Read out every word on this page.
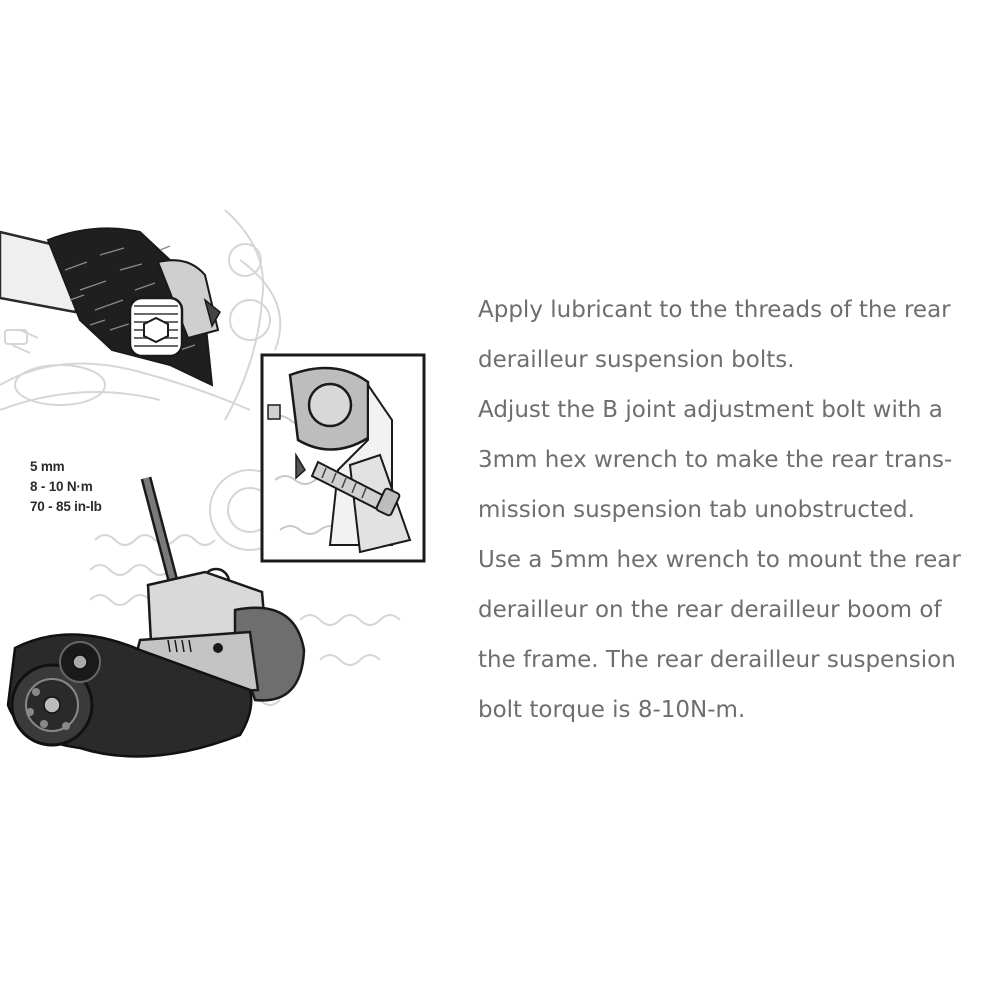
5 mm
8 - 10 N·m
70 - 85 in-lb
Apply lubricant to the threads of the rear
derailleur suspension bolts.
Adjust the B joint adjustment bolt with a
3mm hex wrench to make the rear trans-
mission suspension tab unobstructed.
Use a 5mm hex wrench to mount the rear
derailleur on the rear derailleur boom of
the frame. The rear derailleur suspension
bolt torque is 8-10N-m.
